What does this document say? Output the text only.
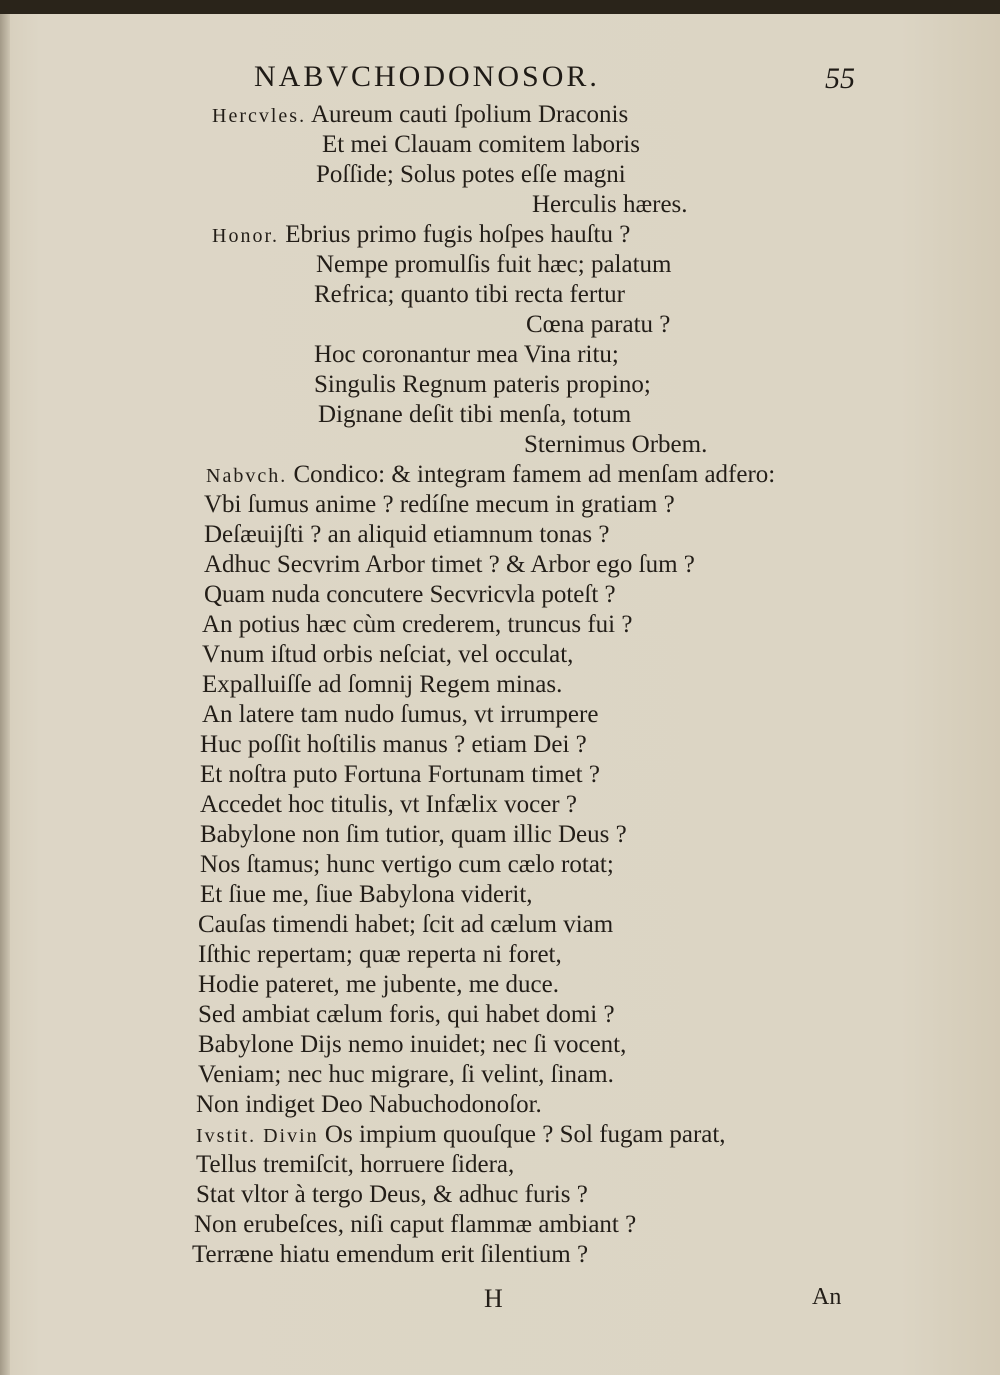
NABVCHODONOSOR.	55
Hercvles. Aureum cauti ſpolium Draconis
Et mei Clauam comitem laboris
Poſſide; Solus potes eſſe magni
Herculis hæres.
Honor. Ebrius primo fugis hoſpes hauſtu ?
Nempe promulſis fuit hæc; palatum
Refrica; quanto tibi recta fertur
Cœna paratu ?
Hoc coronantur mea Vina ritu;
Singulis Regnum pateris propino;
Dignane deſit tibi menſa, totum
Sternimus Orbem.
Nabvch. Condico: & integram famem ad menſam adfero:
Vbi ſumus anime ? redíſne mecum in gratiam ?
Deſæuijſti ? an aliquid etiamnum tonas ?
Adhuc Secvrim Arbor timet ? & Arbor ego ſum ?
Quam nuda concutere Secvricvla poteſt ?
An potius hæc cùm crederem, truncus fui ?
Vnum iſtud orbis neſciat, vel occulat,
Expalluiſſe ad ſomnij Regem minas.
An latere tam nudo ſumus, vt irrumpere
Huc poſſit hoſtilis manus ? etiam Dei ?
Et noſtra puto Fortuna Fortunam timet ?
Accedet hoc titulis, vt Infælix vocer ?
Babylone non ſim tutior, quam illic Deus ?
Nos ſtamus; hunc vertigo cum cælo rotat;
Et ſiue me, ſiue Babylona viderit,
Cauſas timendi habet; ſcit ad cælum viam
Iſthic repertam; quæ reperta ni foret,
Hodie pateret, me jubente, me duce.
Sed ambiat cælum foris, qui habet domi ?
Babylone Dijs nemo inuidet; nec ſi vocent,
Veniam; nec huc migrare, ſi velint, ſinam.
Non indiget Deo Nabuchodonoſor.
Ivstit. Divin Os impium quouſque ? Sol fugam parat,
Tellus tremiſcit, horruere ſidera,
Stat vltor à tergo Deus, & adhuc furis ?
Non erubeſces, niſi caput flammæ ambiant ?
Terræne hiatu emendum erit ſilentium ?
H	An
